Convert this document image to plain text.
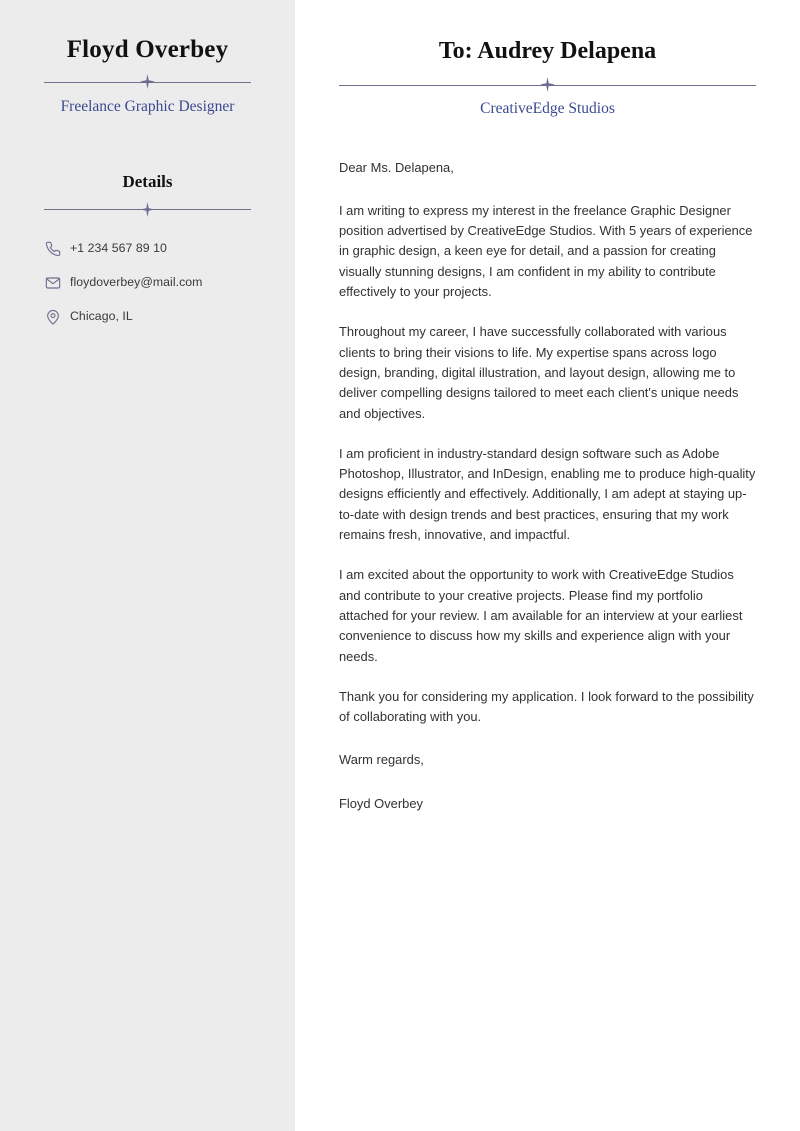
Floyd Overbey
Freelance Graphic Designer
Details
+1 234 567 89 10
floydoverbey@mail.com
Chicago, IL
To: Audrey Delapena
CreativeEdge Studios

Dear Ms. Delapena,

I am writing to express my interest in the freelance Graphic Designer position advertised by CreativeEdge Studios. With 5 years of experience in graphic design, a keen eye for detail, and a passion for creating visually stunning designs, I am confident in my ability to contribute effectively to your projects.

Throughout my career, I have successfully collaborated with various clients to bring their visions to life. My expertise spans across logo design, branding, digital illustration, and layout design, allowing me to deliver compelling designs tailored to meet each client's unique needs and objectives.

I am proficient in industry-standard design software such as Adobe Photoshop, Illustrator, and InDesign, enabling me to produce high-quality designs efficiently and effectively. Additionally, I am adept at staying up-to-date with design trends and best practices, ensuring that my work remains fresh, innovative, and impactful.

I am excited about the opportunity to work with CreativeEdge Studios and contribute to your creative projects. Please find my portfolio attached for your review. I am available for an interview at your earliest convenience to discuss how my skills and experience align with your needs.

Thank you for considering my application. I look forward to the possibility of collaborating with you.

Warm regards,

Floyd Overbey
